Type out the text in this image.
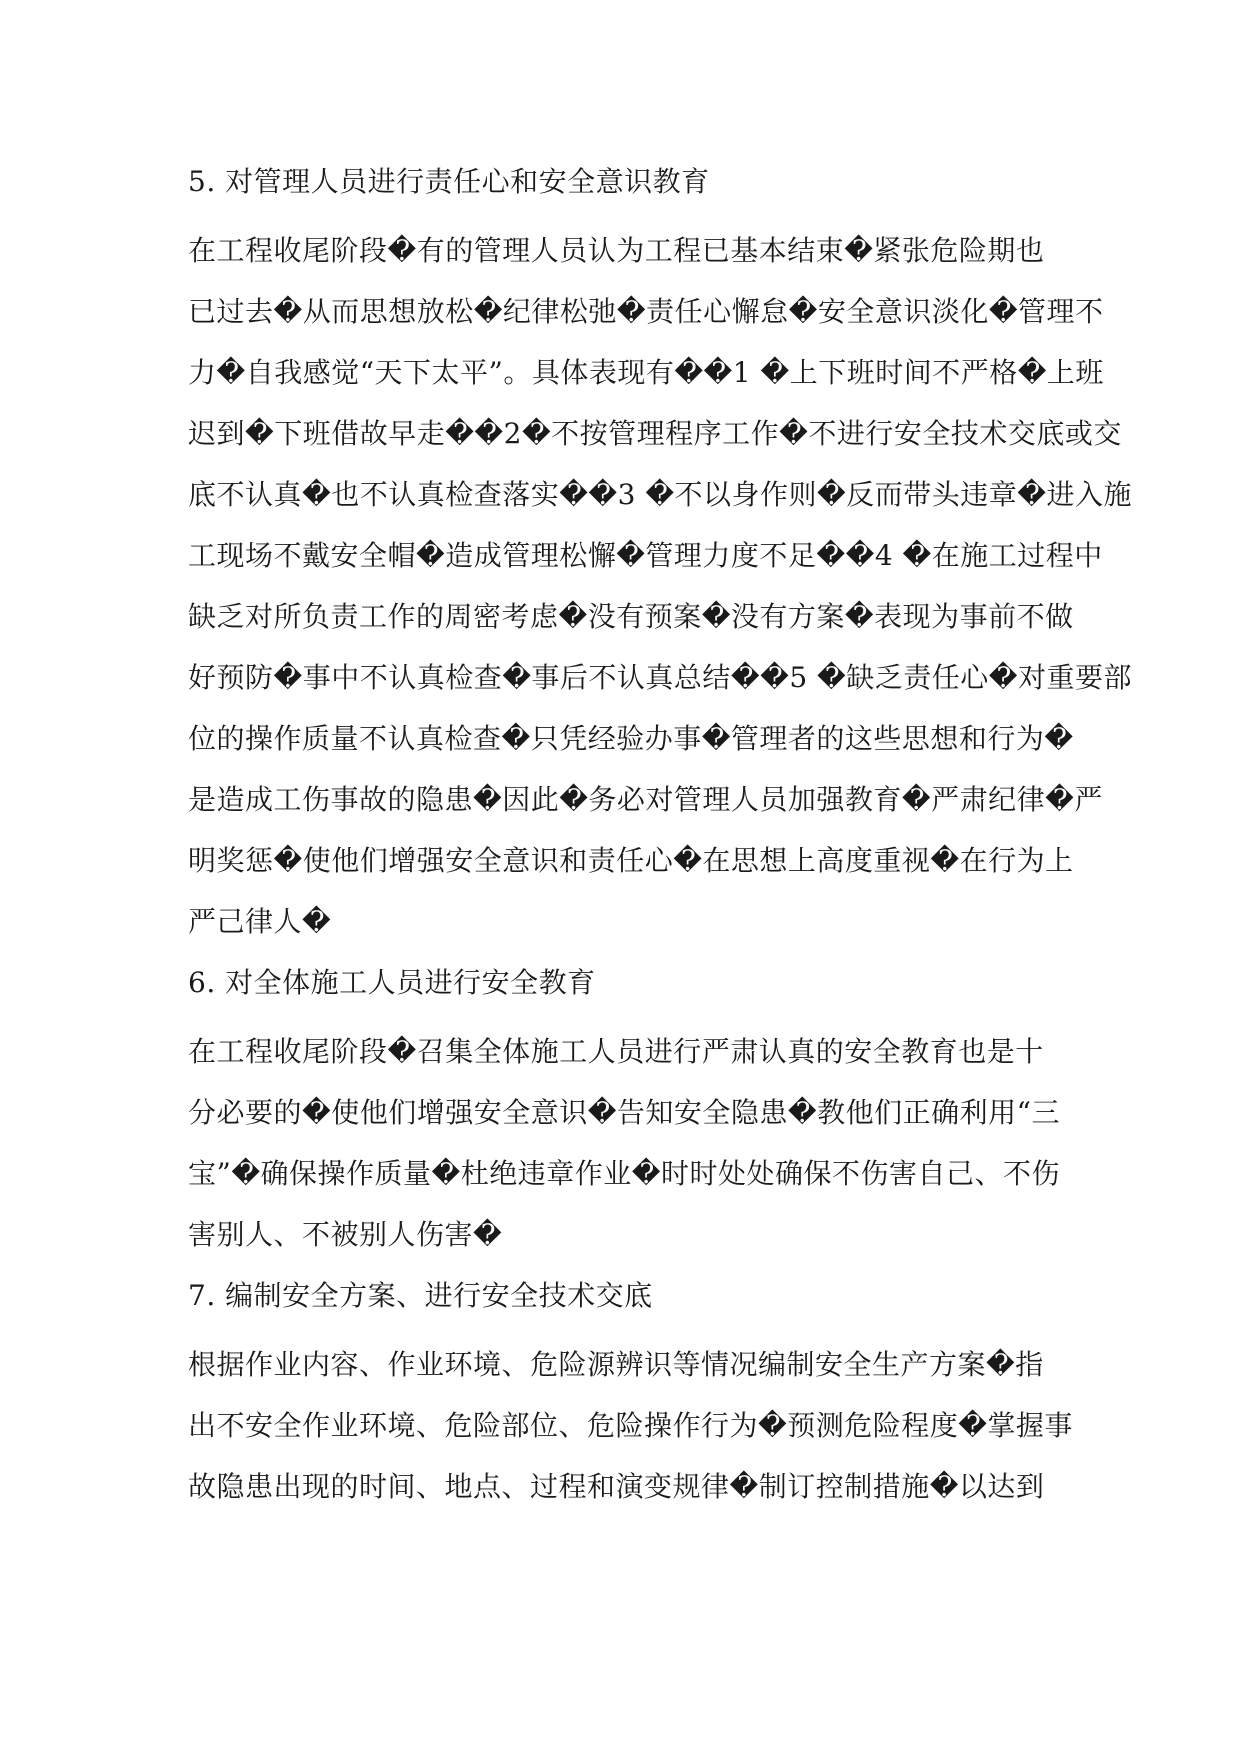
5. 对管理人员进行责任心和安全意识教育
在工程收尾阶段�有的管理人员认为工程已基本结束�紧张危险期也
已过去�从而思想放松�纪律松弛�责任心懈怠�安全意识淡化�管理不
力�自我感觉“天下太平”。具体表现有��1 �上下班时间不严格�上班
迟到�下班借故早走��2�不按管理程序工作�不进行安全技术交底或交
底不认真�也不认真检查落实��3 �不以身作则�反而带头违章�进入施
工现场不戴安全帽�造成管理松懈�管理力度不足��4 �在施工过程中
缺乏对所负责工作的周密考虑�没有预案�没有方案�表现为事前不做
好预防�事中不认真检查�事后不认真总结��5 �缺乏责任心�对重要部
位的操作质量不认真检查�只凭经验办事�管理者的这些思想和行为�
是造成工伤事故的隐患�因此�务必对管理人员加强教育�严肃纪律�严
明奖惩�使他们增强安全意识和责任心�在思想上高度重视�在行为上
严己律人�
6. 对全体施工人员进行安全教育
在工程收尾阶段�召集全体施工人员进行严肃认真的安全教育也是十
分必要的�使他们增强安全意识�告知安全隐患�教他们正确利用“三
宝”�确保操作质量�杜绝违章作业�时时处处确保不伤害自己、不伤
害别人、不被别人伤害�
7. 编制安全方案、进行安全技术交底
根据作业内容、作业环境、危险源辨识等情况编制安全生产方案�指
出不安全作业环境、危险部位、危险操作行为�预测危险程度�掌握事
故隐患出现的时间、地点、过程和演变规律�制订控制措施�以达到
